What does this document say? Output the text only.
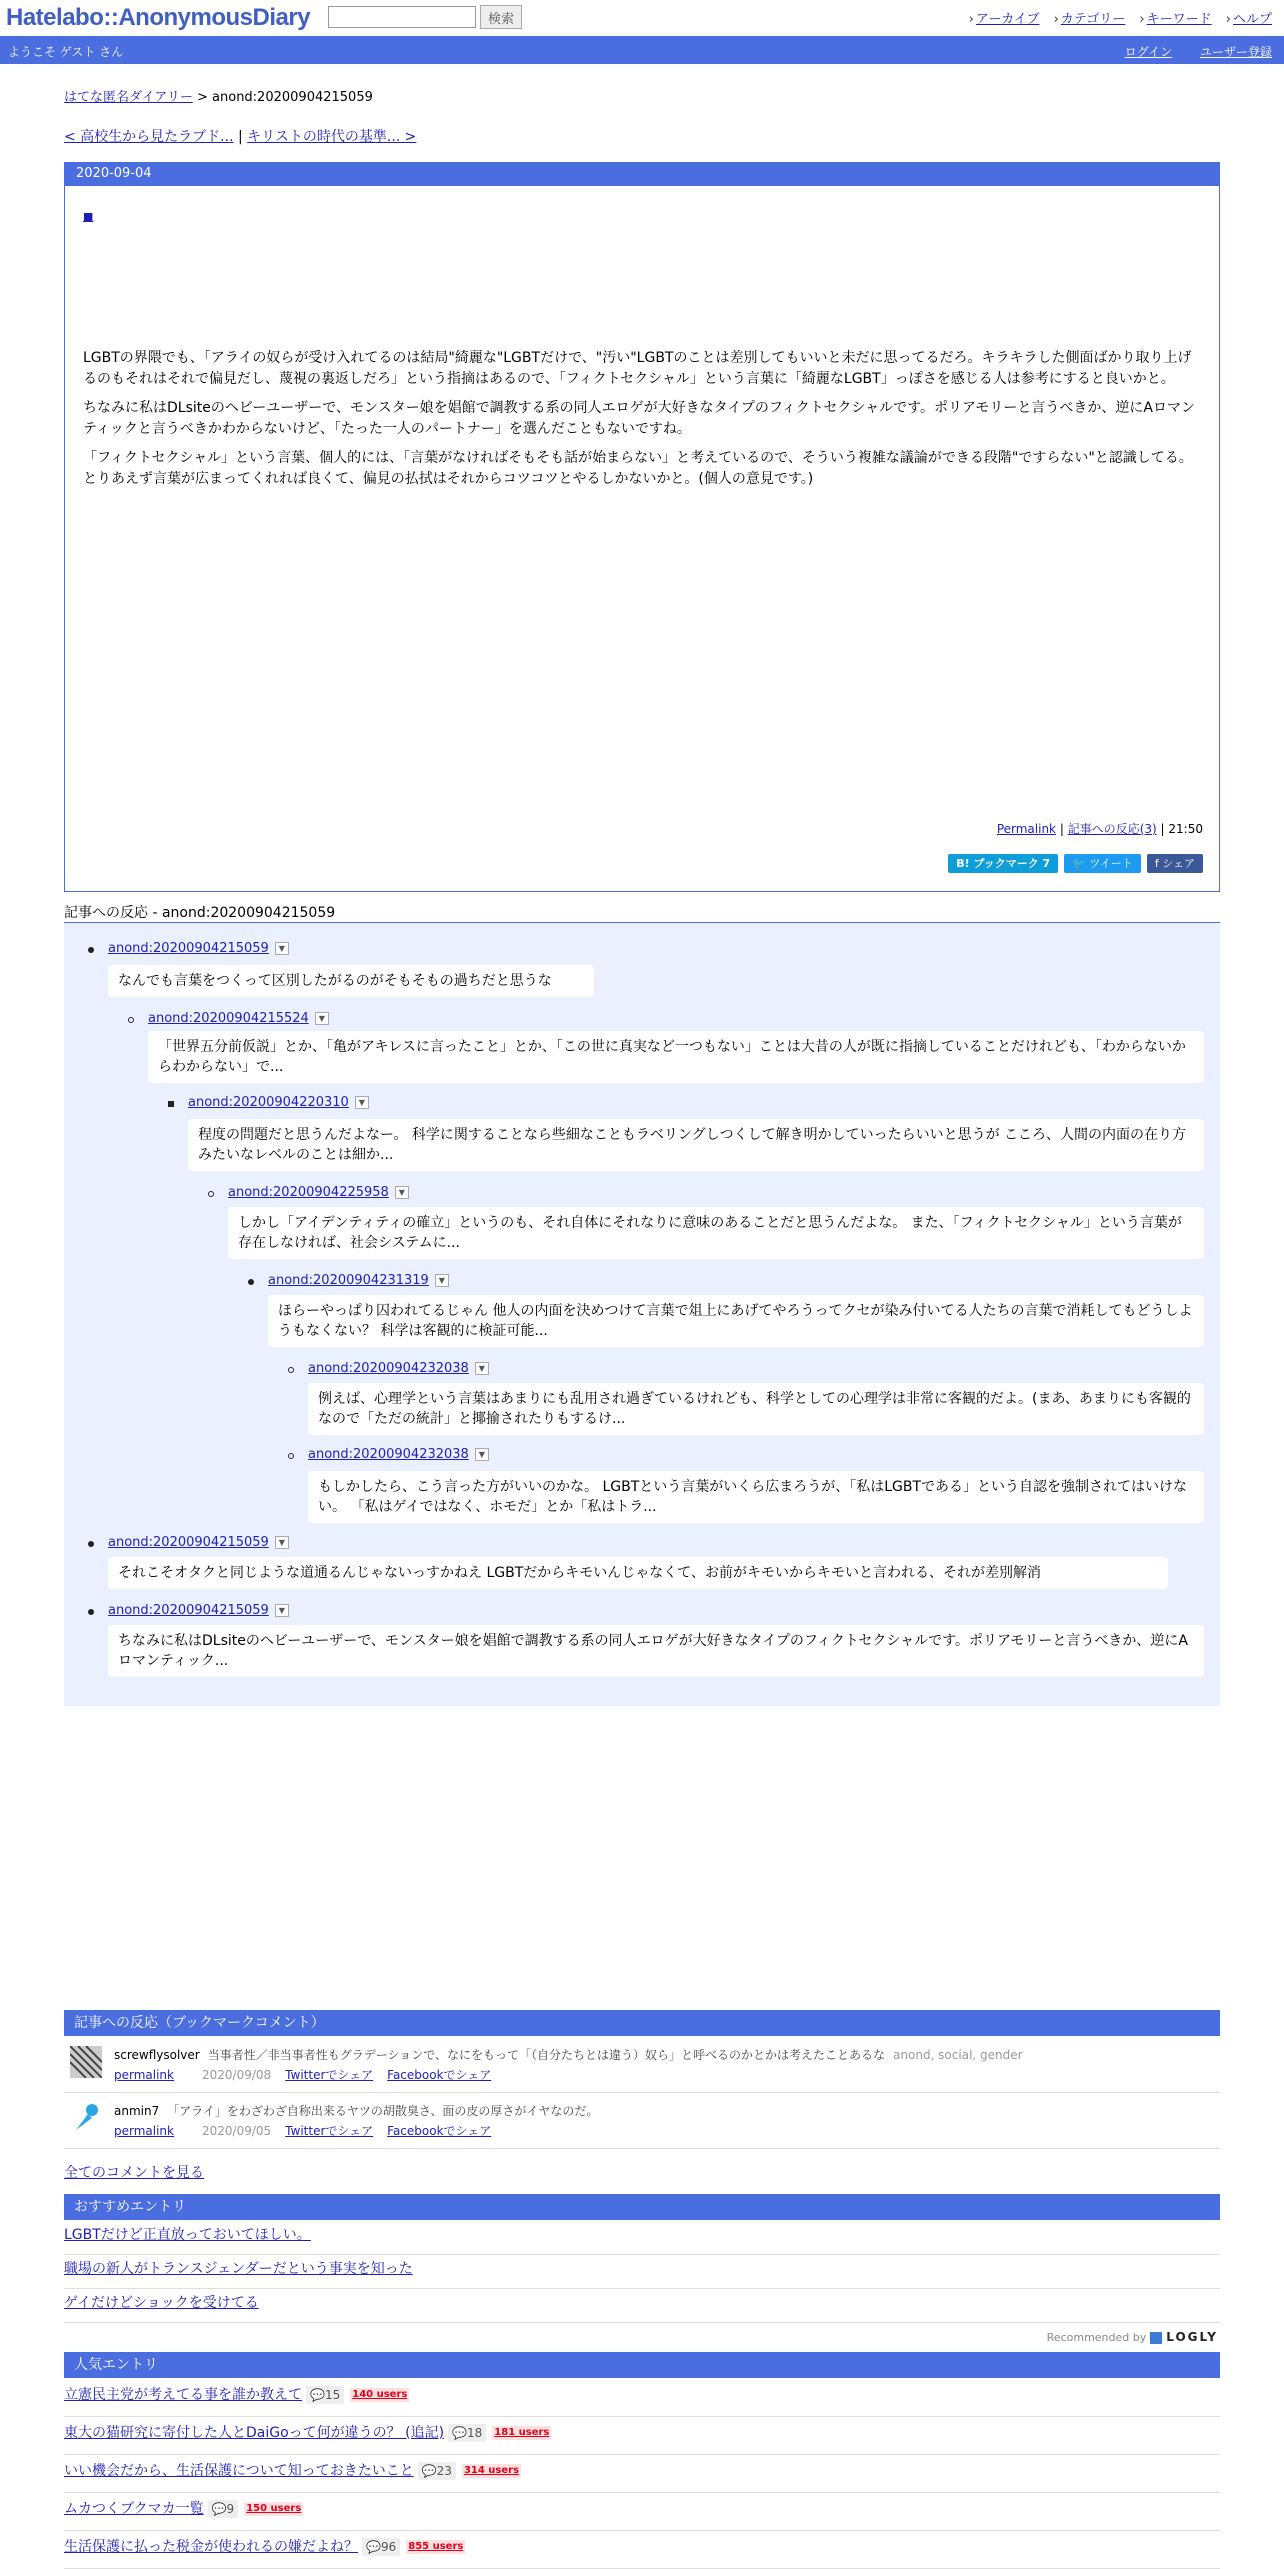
Hatelabo::AnonymousDiary	検索	› アーカイブ › カテゴリー › キーワード › ヘルプ
ようこそ ゲスト さん	ログイン ユーザー登録
はてな匿名ダイアリー > anond:20200904215059
< 高校生から見たラブド... | キリストの時代の基準... >
2020-09-04
■

LGBTの界隈でも、「アライの奴らが受け入れてるのは結局"綺麗な"LGBTだけで、"汚い"LGBTのことは差別してもいいと未だに思ってるだろ。キラキラした側面ばかり取り上げるのもそれはそれで偏見だし、蔑視の裏返しだろ」という指摘はあるので、「フィクトセクシャル」という言葉に「綺麗なLGBT」っぽさを感じる人は参考にすると良いかと。

ちなみに私はDLsiteのヘビーユーザーで、モンスター娘を娼館で調教する系の同人エロゲが大好きなタイプのフィクトセクシャルです。ポリアモリーと言うべきか、逆にAロマンティックと言うべきかわからないけど、「たった一人のパートナー」を選んだこともないですね。

「フィクトセクシャル」という言葉、個人的には、「言葉がなければそもそも話が始まらない」と考えているので、そういう複雑な議論ができる段階"ですらない"と認識してる。とりあえず言葉が広まってくれれば良くて、偏見の払拭はそれからコツコツとやるしかないかと。(個人の意見です。)

Permalink | 記事への反応(3) | 21:50
B! ブックマーク 7	🐦 ツイート	f シェア
記事への反応 - anond:20200904215059
anond:20200904215059 ▼
なんでも言葉をつくって区別したがるのがそもそもの過ちだと思うな
anond:20200904215524 ▼
「世界五分前仮説」とか、「亀がアキレスに言ったこと」とか、「この世に真実など一つもない」ことは大昔の人が既に指摘していることだけれども、「わからないからわからない」で...
anond:20200904220310 ▼
程度の問題だと思うんだよなー。 科学に関することなら些細なこともラベリングしつくして解き明かしていったらいいと思うが こころ、人間の内面の在り方みたいなレベルのことは細か...
anond:20200904225958 ▼
しかし「アイデンティティの確立」というのも、それ自体にそれなりに意味のあることだと思うんだよな。 また、「フィクトセクシャル」という言葉が存在しなければ、社会システムに...
anond:20200904231319 ▼
ほらーやっぱり囚われてるじゃん 他人の内面を決めつけて言葉で俎上にあげてやろうってクセが染み付いてる人たちの言葉で消耗してもどうしようもなくない？ 科学は客観的に検証可能...
anond:20200904232038 ▼
例えば、心理学という言葉はあまりにも乱用され過ぎているけれども、科学としての心理学は非常に客観的だよ。(まあ、あまりにも客観的なので「ただの統計」と揶揄されたりもするけ...
anond:20200904232038 ▼
もしかしたら、こう言った方がいいのかな。 LGBTという言葉がいくら広まろうが、「私はLGBTである」という自認を強制されてはいけない。 「私はゲイではなく、ホモだ」とか「私はトラ...
anond:20200904215059 ▼
それこそオタクと同じような道通るんじゃないっすかねえ LGBTだからキモいんじゃなくて、お前がキモいからキモいと言われる、それが差別解消
anond:20200904215059 ▼
ちなみに私はDLsiteのヘビーユーザーで、モンスター娘を娼館で調教する系の同人エロゲが大好きなタイプのフィクトセクシャルです。ポリアモリーと言うべきか、逆にAロマンティック...
記事への反応（ブックマークコメント）
screwflysolver 当事者性／非当事者性もグラデーションで、なにをもって「（自分たちとは違う）奴ら」と呼べるのかとかは考えたことあるな anond, social, gender
permalink 2020/09/08 Twitterでシェア Facebookでシェア
anmin7 「アライ」をわざわざ自称出来るヤツの胡散臭さ、面の皮の厚さがイヤなのだ。
permalink 2020/09/05 Twitterでシェア Facebookでシェア
全てのコメントを見る
おすすめエントリ
LGBTだけど正直放っておいてほしい。
職場の新人がトランスジェンダーだという事実を知った
ゲイだけどショックを受けてる
Recommended by LOGLY
人気エントリ
立憲民主党が考えてる事を誰か教えて 💬15 140 users
東大の猫研究に寄付した人とDaiGoって何が違うの？ (追記) 💬18 181 users
いい機会だから、生活保護について知っておきたいこと 💬23 314 users
ムカつくブクマカ一覧 💬9 150 users
生活保護に払った税金が使われるの嫌だよね？ 💬96 855 users
